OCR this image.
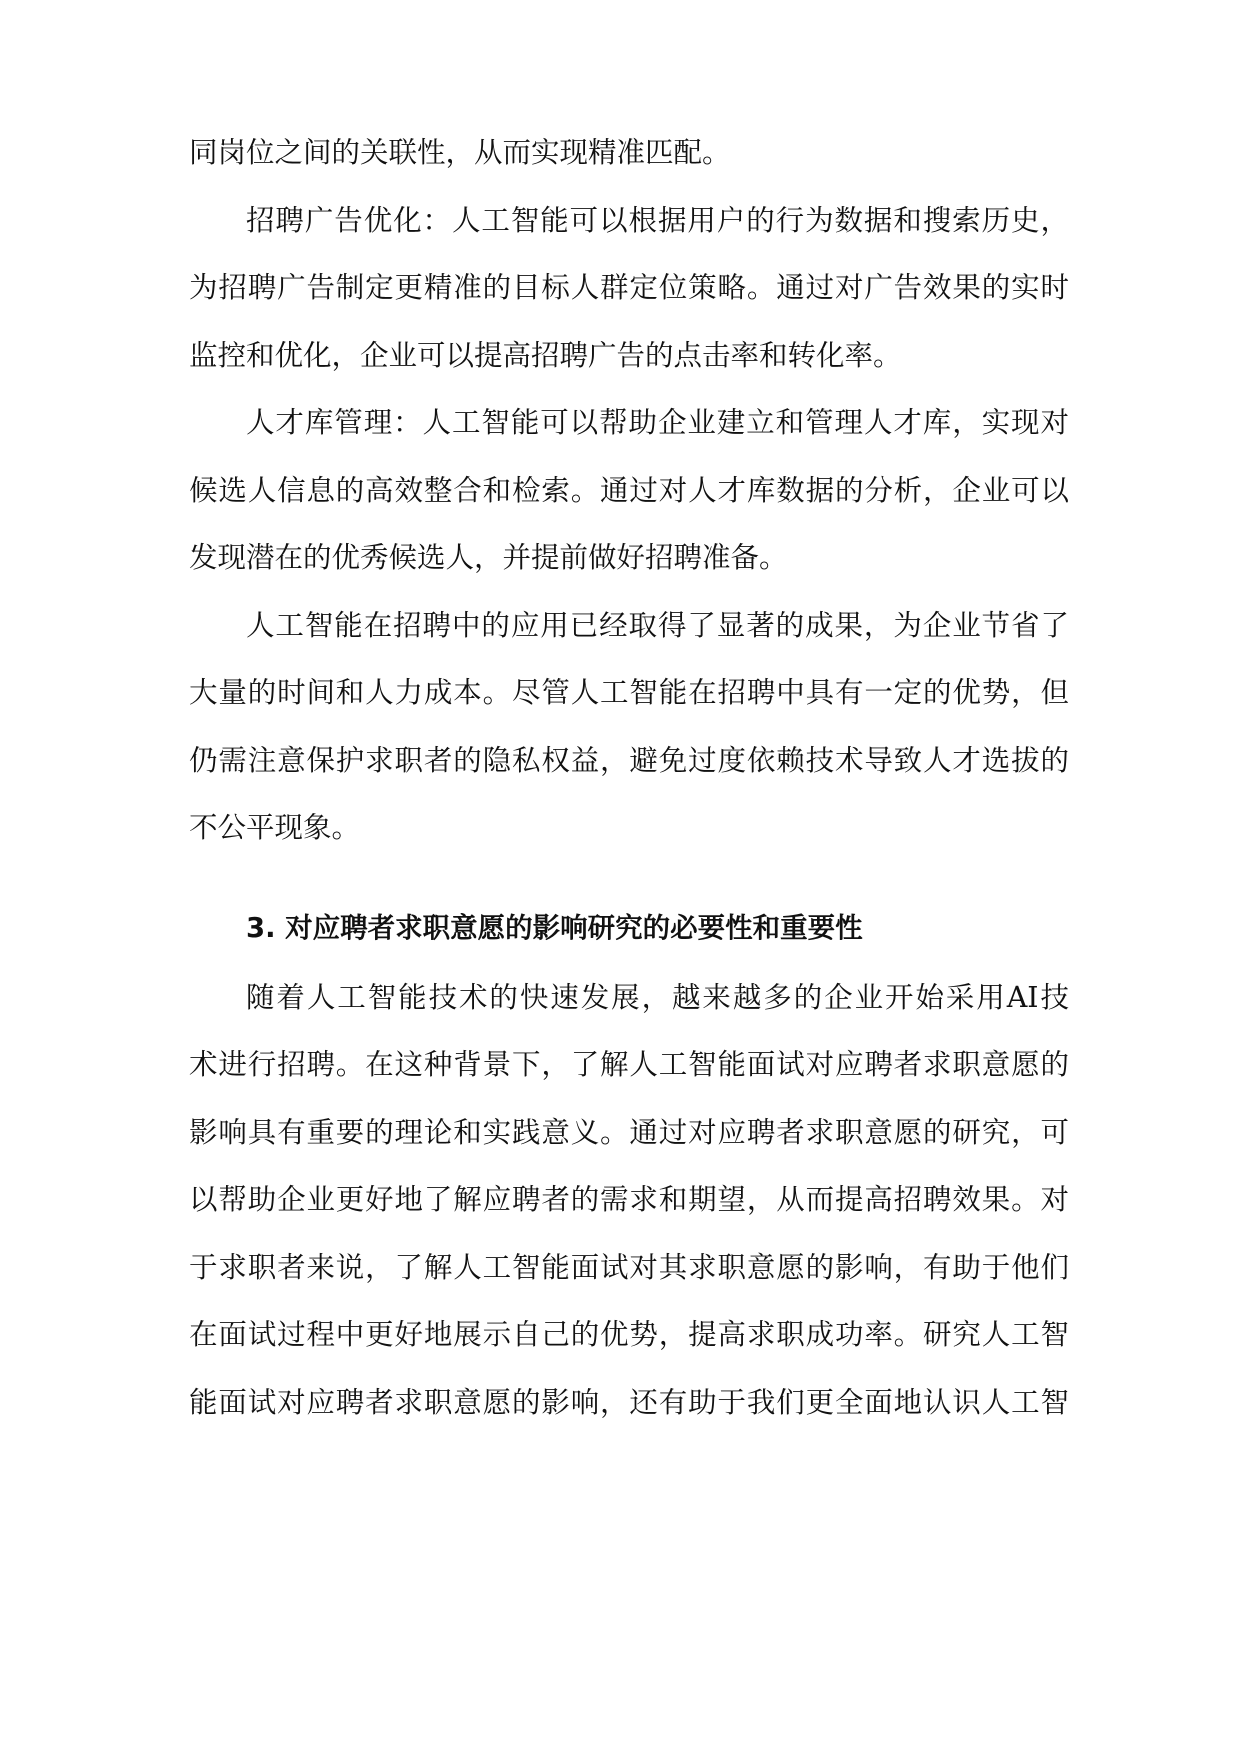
同岗位之间的关联性，从而实现精准匹配。
招聘广告优化：人工智能可以根据用户的行为数据和搜索历史，
为招聘广告制定更精准的目标人群定位策略。通过对广告效果的实时
监控和优化，企业可以提高招聘广告的点击率和转化率。
人才库管理：人工智能可以帮助企业建立和管理人才库，实现对
候选人信息的高效整合和检索。通过对人才库数据的分析，企业可以
发现潜在的优秀候选人，并提前做好招聘准备。
人工智能在招聘中的应用已经取得了显著的成果，为企业节省了
大量的时间和人力成本。尽管人工智能在招聘中具有一定的优势，但
仍需注意保护求职者的隐私权益，避免过度依赖技术导致人才选拔的
不公平现象。
3. 对应聘者求职意愿的影响研究的必要性和重要性
随着人工智能技术的快速发展，越来越多的企业开始采用AI技
术进行招聘。在这种背景下，了解人工智能面试对应聘者求职意愿的
影响具有重要的理论和实践意义。通过对应聘者求职意愿的研究，可
以帮助企业更好地了解应聘者的需求和期望，从而提高招聘效果。对
于求职者来说，了解人工智能面试对其求职意愿的影响，有助于他们
在面试过程中更好地展示自己的优势，提高求职成功率。研究人工智
能面试对应聘者求职意愿的影响，还有助于我们更全面地认识人工智
